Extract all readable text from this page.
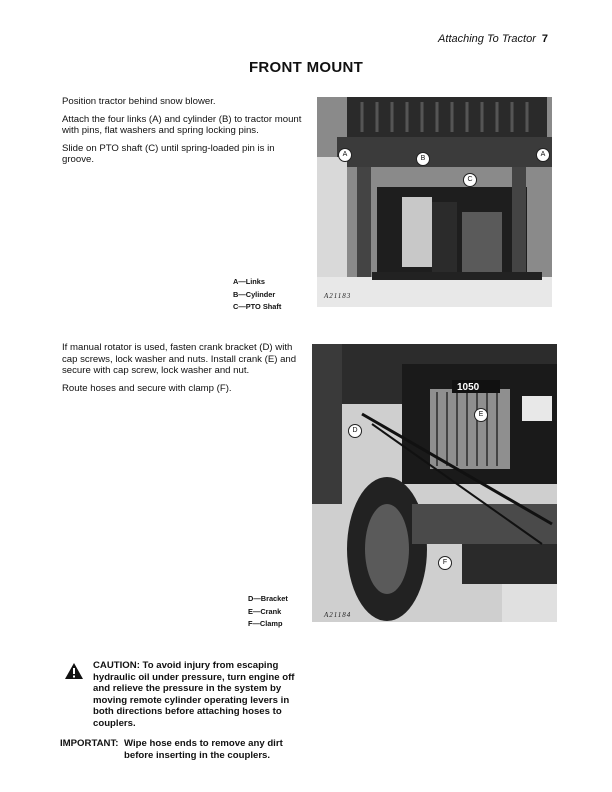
Attaching To Tractor 7
FRONT MOUNT

Position tractor behind snow blower.

Attach the four links (A) and cylinder (B) to tractor mount with pins, flat washers and spring locking pins.

Slide on PTO shaft (C) until spring-loaded pin is in groove.

A—Links
B—Cylinder
C—PTO Shaft
A21183
A
B
C
A

If manual rotator is used, fasten crank bracket (D) with cap screws, lock washer and nuts. Install crank (E) and secure with cap screw, lock washer and nut.

Route hoses and secure with clamp (F).

D—Bracket
E—Crank
F—Clamp
1050
A21184
D
E
F
CAUTION: To avoid injury from escaping hydraulic oil under pressure, turn engine off and relieve the pressure in the system by moving remote cylinder operating levers in both directions before attaching hoses to couplers.
IMPORTANT: Wipe hose ends to remove any dirt before inserting in the couplers.
